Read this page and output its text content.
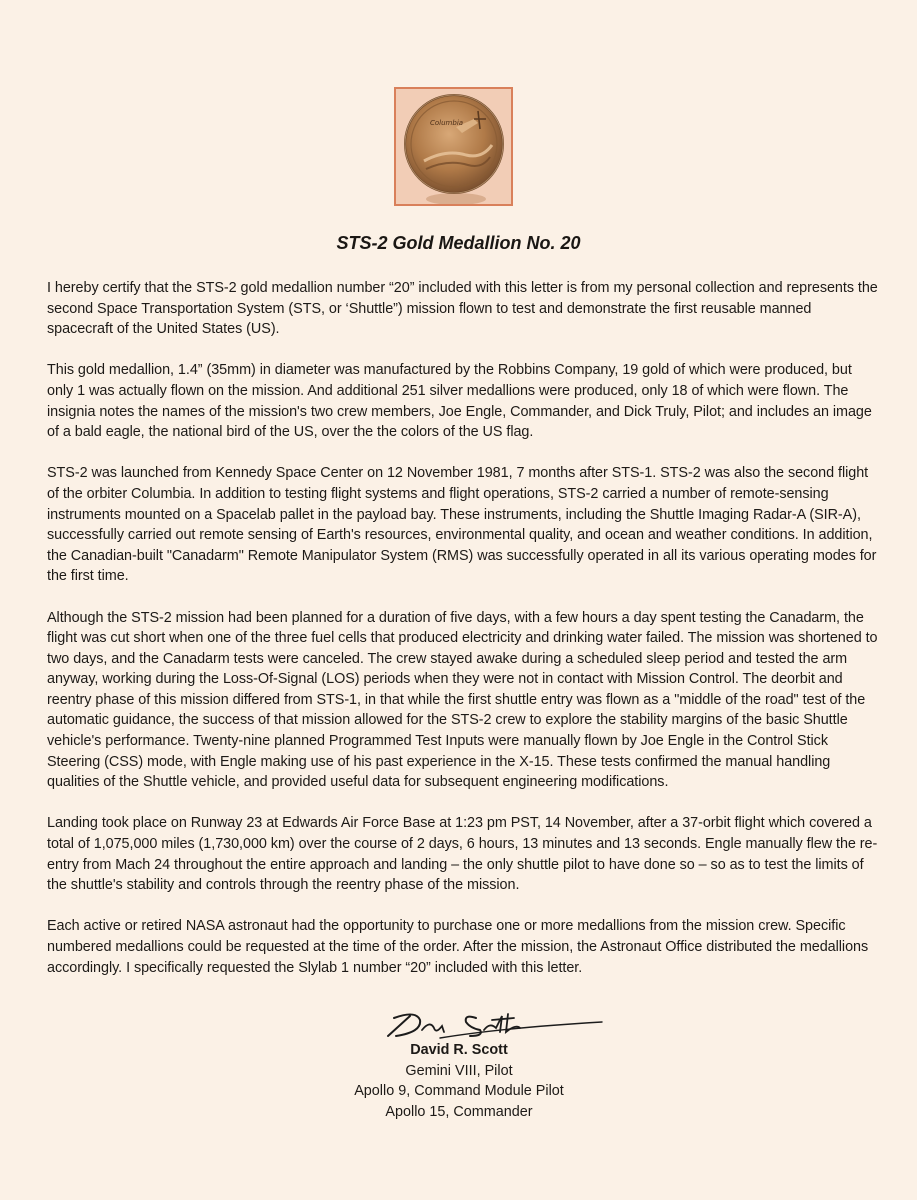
Columbia
STS-2 Gold Medallion No. 20

I hereby certify that the STS-2 gold medallion number “20” included with this letter is from my personal collection and represents the second Space Transportation System (STS, or ‘Shuttle”) mission flown to test and demonstrate the first reusable manned spacecraft of the United States (US).

This gold medallion, 1.4” (35mm) in diameter was manufactured by the Robbins Company, 19 gold of which were produced, but only 1 was actually flown on the mission. And additional 251 silver medallions were produced, only 18 of which were flown. The insignia notes the names of the mission's two crew members, Joe Engle, Commander, and Dick Truly, Pilot; and includes an image of a bald eagle, the national bird of the US, over the the colors of the US flag.

STS-2 was launched from Kennedy Space Center on 12 November 1981, 7 months after STS-1. STS-2 was also the second flight of the orbiter Columbia. In addition to testing flight systems and flight operations, STS-2 carried a number of remote-sensing instruments mounted on a Spacelab pallet in the payload bay. These instruments, including the Shuttle Imaging Radar-A (SIR-A), successfully carried out remote sensing of Earth's resources, environmental quality, and ocean and weather conditions. In addition, the Canadian-built "Canadarm" Remote Manipulator System (RMS) was successfully operated in all its various operating modes for the first time.

Although the STS-2 mission had been planned for a duration of five days, with a few hours a day spent testing the Canadarm, the flight was cut short when one of the three fuel cells that produced electricity and drinking water failed. The mission was shortened to two days, and the Canadarm tests were canceled. The crew stayed awake during a scheduled sleep period and tested the arm anyway, working during the Loss-Of-Signal (LOS) periods when they were not in contact with Mission Control. The deorbit and reentry phase of this mission differed from STS-1, in that while the first shuttle entry was flown as a "middle of the road" test of the automatic guidance, the success of that mission allowed for the STS-2 crew to explore the stability margins of the basic Shuttle vehicle's performance. Twenty-nine planned Programmed Test Inputs were manually flown by Joe Engle in the Control Stick Steering (CSS) mode, with Engle making use of his past experience in the X-15. These tests confirmed the manual handling qualities of the Shuttle vehicle, and provided useful data for subsequent engineering modifications.

Landing took place on Runway 23 at Edwards Air Force Base at 1:23 pm PST, 14 November, after a 37-orbit flight which covered a total of 1,075,000 miles (1,730,000 km) over the course of 2 days, 6 hours, 13 minutes and 13 seconds. Engle manually flew the re-entry from Mach 24 throughout the entire approach and landing – the only shuttle pilot to have done so – so as to test the limits of the shuttle's stability and controls through the reentry phase of the mission.

Each active or retired NASA astronaut had the opportunity to purchase one or more medallions from the mission crew. Specific numbered medallions could be requested at the time of the order. After the mission, the Astronaut Office distributed the medallions accordingly. I specifically requested the Slylab 1 number “20” included with this letter.

David R. Scott
Gemini VIII, Pilot
Apollo 9, Command Module Pilot
Apollo 15, Commander
